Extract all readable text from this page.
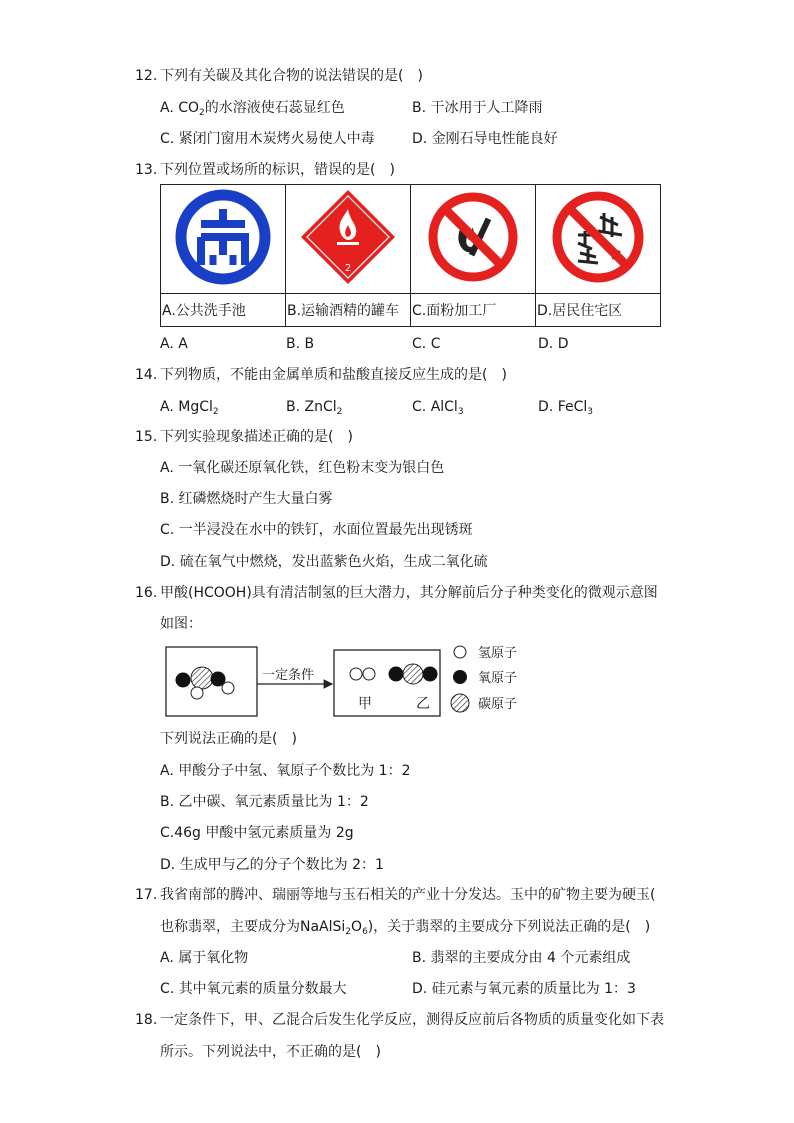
12. 下列有关碳及其化合物的说法错误的是(　)
A. $CO_2$的水溶液使石蕊显红色	B. 干冰用于人工降雨
C. 紧闭门窗用木炭烤火易使人中毒	D. 金刚石导电性能良好
13. 下列位置或场所的标识，错误的是(　)

2

A.公共洗手池	B.运输酒精的罐车	C.面粉加工厂	D.居民住宅区
A. A	B. B	C. C	D. D
14. 下列物质，不能由金属单质和盐酸直接反应生成的是(　)
A. MgCl$_2$	B. ZnCl$_2$	C. AlCl$_3$	D. FeCl$_3$
15. 下列实验现象描述正确的是(　)
A. 一氧化碳还原氧化铁，红色粉末变为银白色
B. 红磷燃烧时产生大量白雾
C. 一半浸没在水中的铁钉，水面位置最先出现锈斑
D. 硫在氧气中燃烧，发出蓝紫色火焰，生成二氧化硫
16. 甲酸(HCOOH)具有清洁制氢的巨大潜力，其分解前后分子种类变化的微观示意图
如图：
一定条件
甲	乙
氢原子
氧原子
碳原子
下列说法正确的是(　)
A. 甲酸分子中氢、氧原子个数比为 1：2
B. 乙中碳、氧元素质量比为 1：2
C.46g 甲酸中氢元素质量为 2g
D. 生成甲与乙的分子个数比为 2：1
17. 我省南部的腾冲、瑞丽等地与玉石相关的产业十分发达。玉中的矿物主要为硬玉(
也称翡翠，主要成分为$NaAlSi_2O_6$)，关于翡翠的主要成分下列说法正确的是(　)
A. 属于氧化物	B. 翡翠的主要成分由 4 个元素组成
C. 其中氧元素的质量分数最大	D. 硅元素与氧元素的质量比为 1：3
18. 一定条件下，甲、乙混合后发生化学反应，测得反应前后各物质的质量变化如下表
所示。下列说法中，不正确的是(　)
